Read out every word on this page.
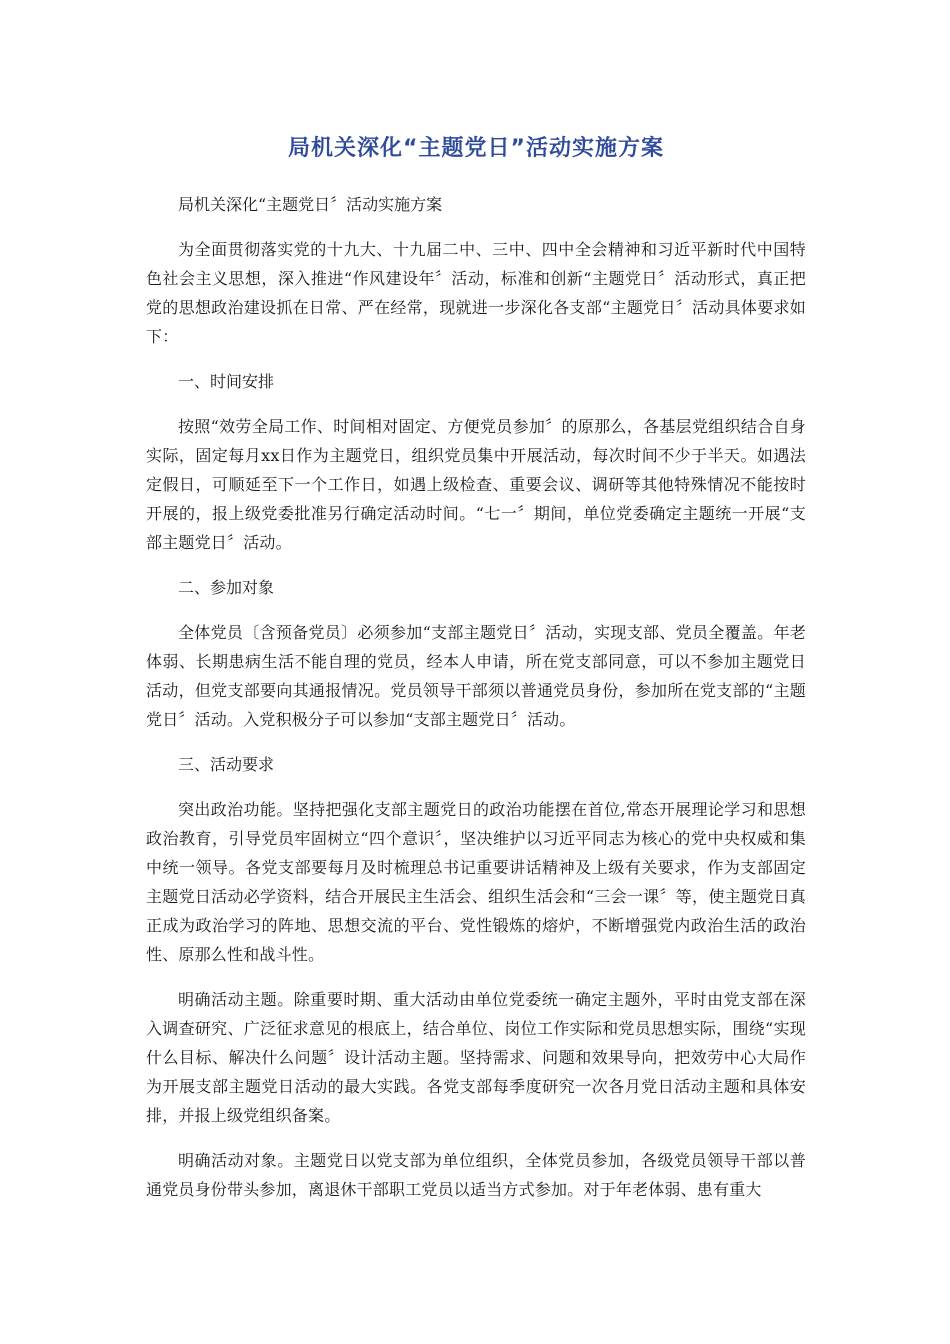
局机关深化“主题党日”活动实施方案

局机关深化“主题党日〞活动实施方案

为全面贯彻落实党的十九大、十九届二中、三中、四中全会精神和习近平新时代中国特色社会主义思想，深入推进“作风建设年〞活动，标准和创新“主题党日〞活动形式，真正把党的思想政治建设抓在日常、严在经常，现就进一步深化各支部“主题党日〞活动具体要求如下：

一、时间安排

按照“效劳全局工作、时间相对固定、方便党员参加〞的原那么，各基层党组织结合自身实际，固定每月xx日作为主题党日，组织党员集中开展活动，每次时间不少于半天。如遇法定假日，可顺延至下一个工作日，如遇上级检查、重要会议、调研等其他特殊情况不能按时开展的，报上级党委批准另行确定活动时间。“七一〞期间，单位党委确定主题统一开展“支部主题党日〞活动。

二、参加对象

全体党员〔含预备党员〕必须参加“支部主题党日〞活动，实现支部、党员全覆盖。年老体弱、长期患病生活不能自理的党员，经本人申请，所在党支部同意，可以不参加主题党日活动，但党支部要向其通报情况。党员领导干部须以普通党员身份，参加所在党支部的“主题党日〞活动。入党积极分子可以参加“支部主题党日〞活动。

三、活动要求

突出政治功能。坚持把强化支部主题党日的政治功能摆在首位,常态开展理论学习和思想政治教育，引导党员牢固树立“四个意识〞，坚决维护以习近平同志为核心的党中央权威和集中统一领导。各党支部要每月及时梳理总书记重要讲话精神及上级有关要求，作为支部固定主题党日活动必学资料，结合开展民主生活会、组织生活会和“三会一课〞等，使主题党日真正成为政治学习的阵地、思想交流的平台、党性锻炼的熔炉，不断增强党内政治生活的政治性、原那么性和战斗性。

明确活动主题。除重要时期、重大活动由单位党委统一确定主题外，平时由党支部在深入调查研究、广泛征求意见的根底上，结合单位、岗位工作实际和党员思想实际，围绕“实现什么目标、解决什么问题〞设计活动主题。坚持需求、问题和效果导向，把效劳中心大局作为开展支部主题党日活动的最大实践。各党支部每季度研究一次各月党日活动主题和具体安排，并报上级党组织备案。

明确活动对象。主题党日以党支部为单位组织，全体党员参加，各级党员领导干部以普通党员身份带头参加，离退休干部职工党员以适当方式参加。对于年老体弱、患有重大
